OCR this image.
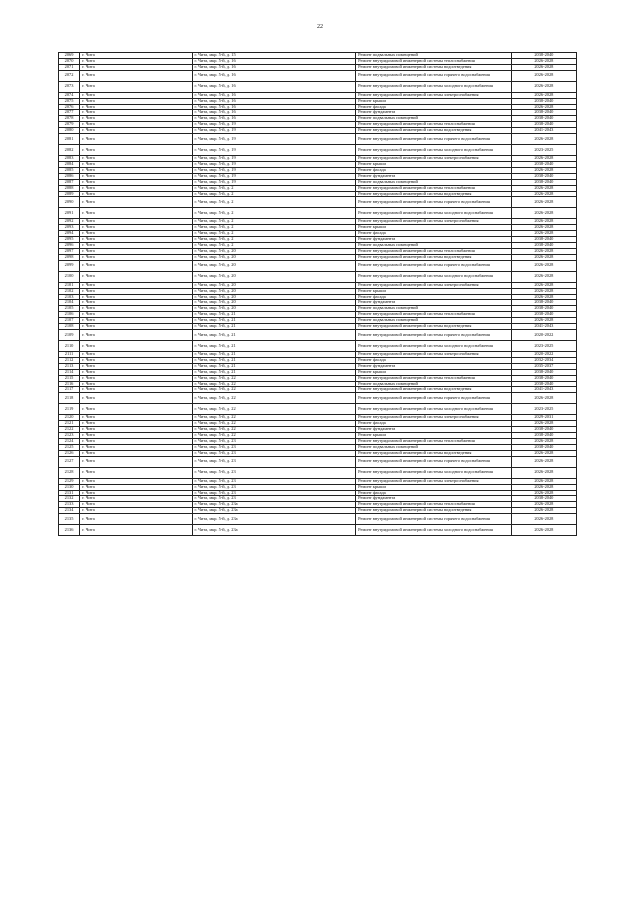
22
2069	г. Чита	г. Чита, мкр. 5-й, д. 15	Ремонт подвальных помещений	2038-2040
2070	г. Чита	г. Чита, мкр. 5-й, д. 16	Ремонт внутридомовой инженерной системы теплоснабжения	2026-2028
2071	г. Чита	г. Чита, мкр. 5-й, д. 16	Ремонт внутридомовой инженерной системы водоотведения	2026-2028
2072	г. Чита	г. Чита, мкр. 5-й, д. 16	Ремонт внутридомовой инженерной системы горячего водоснабжения	2026-2028
2073	г. Чита	г. Чита, мкр. 5-й, д. 16	Ремонт внутридомовой инженерной системы холодного водоснабжения	2026-2028
2074	г. Чита	г. Чита, мкр. 5-й, д. 16	Ремонт внутридомовой инженерной системы электроснабжения	2026-2028
2075	г. Чита	г. Чита, мкр. 5-й, д. 16	Ремонт крыши	2038-2040
2076	г. Чита	г. Чита, мкр. 5-й, д. 16	Ремонт фасада	2026-2028
2077	г. Чита	г. Чита, мкр. 5-й, д. 16	Ремонт фундамента	2038-2040
2078	г. Чита	г. Чита, мкр. 5-й, д. 16	Ремонт подвальных помещений	2038-2040
2079	г. Чита	г. Чита, мкр. 5-й, д. 19	Ремонт внутридомовой инженерной системы теплоснабжения	2038-2040
2080	г. Чита	г. Чита, мкр. 5-й, д. 19	Ремонт внутридомовой инженерной системы водоотведения	2041-2043
2081	г. Чита	г. Чита, мкр. 5-й, д. 19	Ремонт внутридомовой инженерной системы горячего водоснабжения	2026-2028
2082	г. Чита	г. Чита, мкр. 5-й, д. 19	Ремонт внутридомовой инженерной системы холодного водоснабжения	2023-2025
2083	г. Чита	г. Чита, мкр. 5-й, д. 19	Ремонт внутридомовой инженерной системы электроснабжения	2026-2028
2084	г. Чита	г. Чита, мкр. 5-й, д. 19	Ремонт крыши	2038-2040
2085	г. Чита	г. Чита, мкр. 5-й, д. 19	Ремонт фасада	2026-2028
2086	г. Чита	г. Чита, мкр. 5-й, д. 19	Ремонт фундамента	2038-2040
2087	г. Чита	г. Чита, мкр. 5-й, д. 19	Ремонт подвальных помещений	2038-2040
2088	г. Чита	г. Чита, мкр. 5-й, д. 2	Ремонт внутридомовой инженерной системы теплоснабжения	2026-2028
2089	г. Чита	г. Чита, мкр. 5-й, д. 2	Ремонт внутридомовой инженерной системы водоотведения	2026-2028
2090	г. Чита	г. Чита, мкр. 5-й, д. 2	Ремонт внутридомовой инженерной системы горячего водоснабжения	2026-2028
2091	г. Чита	г. Чита, мкр. 5-й, д. 2	Ремонт внутридомовой инженерной системы холодного водоснабжения	2026-2028
2092	г. Чита	г. Чита, мкр. 5-й, д. 2	Ремонт внутридомовой инженерной системы электроснабжения	2026-2028
2093	г. Чита	г. Чита, мкр. 5-й, д. 2	Ремонт крыши	2026-2028
2094	г. Чита	г. Чита, мкр. 5-й, д. 2	Ремонт фасада	2026-2028
2095	г. Чита	г. Чита, мкр. 5-й, д. 2	Ремонт фундамента	2038-2040
2096	г. Чита	г. Чита, мкр. 5-й, д. 2	Ремонт подвальных помещений	2038-2040
2097	г. Чита	г. Чита, мкр. 5-й, д. 20	Ремонт внутридомовой инженерной системы теплоснабжения	2026-2028
2098	г. Чита	г. Чита, мкр. 5-й, д. 20	Ремонт внутридомовой инженерной системы водоотведения	2026-2028
2099	г. Чита	г. Чита, мкр. 5-й, д. 20	Ремонт внутридомовой инженерной системы горячего водоснабжения	2026-2028
2100	г. Чита	г. Чита, мкр. 5-й, д. 20	Ремонт внутридомовой инженерной системы холодного водоснабжения	2026-2028
2101	г. Чита	г. Чита, мкр. 5-й, д. 20	Ремонт внутридомовой инженерной системы электроснабжения	2026-2028
2102	г. Чита	г. Чита, мкр. 5-й, д. 20	Ремонт крыши	2026-2028
2103	г. Чита	г. Чита, мкр. 5-й, д. 20	Ремонт фасада	2026-2028
2104	г. Чита	г. Чита, мкр. 5-й, д. 20	Ремонт фундамента	2038-2040
2105	г. Чита	г. Чита, мкр. 5-й, д. 20	Ремонт подвальных помещений	2038-2040
2106	г. Чита	г. Чита, мкр. 5-й, д. 21	Ремонт внутридомовой инженерной системы теплоснабжения	2038-2040
2107	г. Чита	г. Чита, мкр. 5-й, д. 21	Ремонт подвальных помещений	2026-2028
2108	г. Чита	г. Чита, мкр. 5-й, д. 21	Ремонт внутридомовой инженерной системы водоотведения	2041-2043
2109	г. Чита	г. Чита, мкр. 5-й, д. 21	Ремонт внутридомовой инженерной системы горячего водоснабжения	2020-2022
2110	г. Чита	г. Чита, мкр. 5-й, д. 21	Ремонт внутридомовой инженерной системы холодного водоснабжения	2023-2025
2111	г. Чита	г. Чита, мкр. 5-й, д. 21	Ремонт внутридомовой инженерной системы электроснабжения	2020-2022
2112	г. Чита	г. Чита, мкр. 5-й, д. 21	Ремонт фасада	2032-2034
2113	г. Чита	г. Чита, мкр. 5-й, д. 21	Ремонт фундамента	2035-2037
2114	г. Чита	г. Чита, мкр. 5-й, д. 21	Ремонт крыши	2038-2040
2115	г. Чита	г. Чита, мкр. 5-й, д. 22	Ремонт внутридомовой инженерной системы теплоснабжения	2038-2040
2116	г. Чита	г. Чита, мкр. 5-й, д. 22	Ремонт подвальных помещений	2038-2040
2117	г. Чита	г. Чита, мкр. 5-й, д. 22	Ремонт внутридомовой инженерной системы водоотведения	2041-2043
2118	г. Чита	г. Чита, мкр. 5-й, д. 22	Ремонт внутридомовой инженерной системы горячего водоснабжения	2026-2028
2119	г. Чита	г. Чита, мкр. 5-й, д. 22	Ремонт внутридомовой инженерной системы холодного водоснабжения	2023-2025
2120	г. Чита	г. Чита, мкр. 5-й, д. 22	Ремонт внутридомовой инженерной системы электроснабжения	2029-2031
2121	г. Чита	г. Чита, мкр. 5-й, д. 22	Ремонт фасада	2026-2028
2122	г. Чита	г. Чита, мкр. 5-й, д. 22	Ремонт фундамента	2038-2040
2123	г. Чита	г. Чита, мкр. 5-й, д. 22	Ремонт крыши	2038-2040
2124	г. Чита	г. Чита, мкр. 5-й, д. 23	Ремонт внутридомовой инженерной системы теплоснабжения	2026-2028
2125	г. Чита	г. Чита, мкр. 5-й, д. 23	Ремонт подвальных помещений	2038-2040
2126	г. Чита	г. Чита, мкр. 5-й, д. 23	Ремонт внутридомовой инженерной системы водоотведения	2026-2028
2127	г. Чита	г. Чита, мкр. 5-й, д. 23	Ремонт внутридомовой инженерной системы горячего водоснабжения	2026-2028
2128	г. Чита	г. Чита, мкр. 5-й, д. 23	Ремонт внутридомовой инженерной системы холодного водоснабжения	2026-2028
2129	г. Чита	г. Чита, мкр. 5-й, д. 23	Ремонт внутридомовой инженерной системы электроснабжения	2026-2028
2130	г. Чита	г. Чита, мкр. 5-й, д. 23	Ремонт крыши	2026-2028
2131	г. Чита	г. Чита, мкр. 5-й, д. 23	Ремонт фасада	2026-2028
2132	г. Чита	г. Чита, мкр. 5-й, д. 23	Ремонт фундамента	2038-2040
2133	г. Чита	г. Чита, мкр. 5-й, д. 23а	Ремонт внутридомовой инженерной системы теплоснабжения	2026-2028
2134	г. Чита	г. Чита, мкр. 5-й, д. 23а	Ремонт внутридомовой инженерной системы водоотведения	2026-2028
2135	г. Чита	г. Чита, мкр. 5-й, д. 23а	Ремонт внутридомовой инженерной системы горячего водоснабжения	2026-2028
2136	г. Чита	г. Чита, мкр. 5-й, д. 23а	Ремонт внутридомовой инженерной системы холодного водоснабжения	2026-2028
